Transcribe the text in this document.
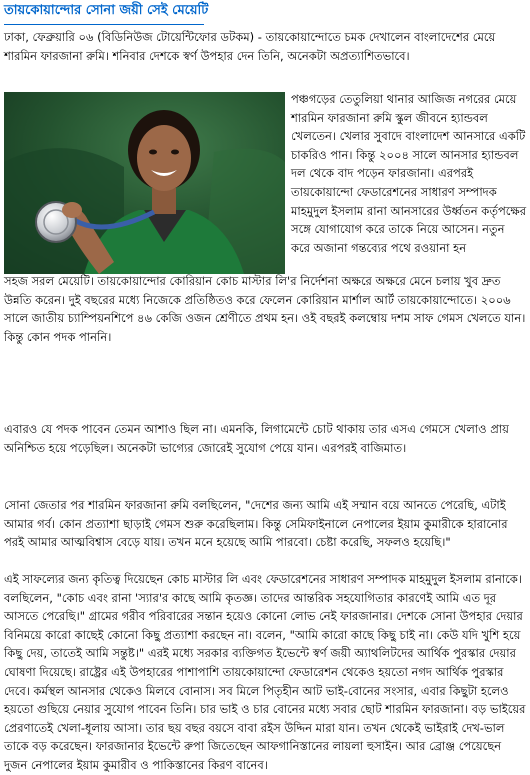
তায়কোয়ান্দোর সোনা জয়ী সেই মেয়েটি

ঢাকা, ফেব্রুয়ারি ০৬ (বিডিনিউজ টোয়েন্টিফোর ডটকম) - তায়কোয়ান্দোতে চমক দেখালেন বাংলাদেশের মেয়ে শারমিন ফারজানা রুমি। শনিবার দেশকে স্বর্ণ উপহার দেন তিনি, অনেকটা অপ্রত্যাশিতভাবে।

পঞ্চগড়ের তেতুলিয়া থানার আজিজ নগরের মেয়ে শারমিন ফারজানা রুমি স্কুল জীবনে হ্যান্ডবল খেলতেন। খেলার সুবাদে বাংলাদেশ আনসারে একটি চাকরিও পান। কিন্তু ২০০৪ সালে আনসার হ্যান্ডবল দল থেকে বাদ পড়েন ফারজানা। এরপরই তায়কোয়ান্দো ফেডারেশনের সাধারণ সম্পাদক মাহমুদুল ইসলাম রানা আনসারের উর্ধ্বতন কর্তৃপক্ষের সঙ্গে যোগাযোগ করে তাকে নিয়ে আসেন। নতুন করে অজানা গন্তব্যের পথে রওয়ানা হন

সহজ সরল মেয়েটি। তায়কোয়ান্দোর কোরিয়ান কোচ মাস্টার লি'র নির্দেশনা অক্ষরে অক্ষরে মেনে চলায় খুব দ্রুত উন্নতি করেন। দুই বছরের মধ্যে নিজেকে প্রতিষ্ঠিতও করে ফেলেন কোরিয়ান মার্শাল আর্ট তায়কোয়ান্দোতে। ২০০৬ সালে জাতীয় চ্যাম্পিয়নশিপে ৪৬ কেজি ওজন শ্রেণীতে প্রথম হন। ওই বছরই কলম্বোয় দশম সাফ গেমস খেলতে যান। কিন্তু কোন পদক পাননি।

এবারও যে পদক পাবেন তেমন আশাও ছিল না। এমনকি, লিগামেন্টে চোট থাকায় তার এসএ গেমসে খেলাও প্রায় অনিশ্চিত হয়ে পড়েছিল। অনেকটা ভাগ্যের জোরেই সুযোগ পেয়ে যান। এরপরই বাজিমাত।

সোনা জেতার পর শারমিন ফারজানা রুমি বলছিলেন, "দেশের জন্য আমি এই সম্মান বয়ে আনতে পেরেছি, এটাই আমার গর্ব। কোন প্রত্যাশা ছাড়াই গেমস শুরু করেছিলাম। কিন্তু সেমিফাইনালে নেপালের ইয়াম কুমারীকে হারানোর পরই আমার আত্মবিশ্বাস বেড়ে যায়। তখন মনে হয়েছে আমি পারবো। চেষ্টা করেছি, সফলও হয়েছি।"

এই সাফল্যের জন্য কৃতিত্ব দিয়েছেন কোচ মাস্টার লি এবং ফেডারেশনের সাধারণ সম্পাদক মাহমুদুল ইসলাম রানাকে। বলছিলেন, "কোচ এবং রানা 'স্যার'র কাছে আমি কৃতজ্ঞ। তাদের আন্তরিক সহযোগিতার কারণেই আমি এত দূর আসতে পেরেছি।" গ্রামের গরীব পরিবারের সন্তান হয়েও কোনো লোভ নেই ফারজানার। দেশকে সোনা উপহার দেয়ার বিনিময়ে কারো কাছেই কোনো কিছু প্রত্যাশা করছেন না। বলেন, "আমি কারো কাছে কিছু চাই না। কেউ যদি খুশি হয়ে কিছু দেয়, তাতেই আমি সন্তুষ্ট।" এরই মধ্যে সরকার ব্যক্তিগত ইভেন্টে স্বর্ণ জয়ী অ্যাথলিটদের আর্থিক পুরস্কার দেয়ার ঘোষণা দিয়েছে। রাষ্ট্রের এই উপহারের পাশাপাশি তায়কোয়ান্দো ফেডারেশন থেকেও হয়তো নগদ আর্থিক পুরস্কার দেবে। কর্মস্থল আনসার থেকেও মিলবে বোনাস। সব মিলে পিতৃহীন আট ভাই-বোনের সংসার, এবার কিছুটা হলেও হয়তো গুছিয়ে নেয়ার সুযোগ পাবেন তিনি। চার ভাই ও চার বোনের মধ্যে সবার ছোট শারমিন ফারজানা। বড় ভাইয়ের প্রেরণাতেই খেলা-ধূলায় আসা। তার ছয় বছর বয়সে বাবা রইস উদ্দিন মারা যান। তখন থেকেই ভাইরাই দেখ-ভাল তাকে বড় করেছেন। ফারজানার ইভেন্টে রুপা জিতেছেন আফগানিস্তানের লায়লা হুসাইন। আর ব্রোঞ্জ পেয়েছেন দুজন নেপালের ইয়াম কুমারীব ও পাকিস্তানের কিরণ বানেব।
